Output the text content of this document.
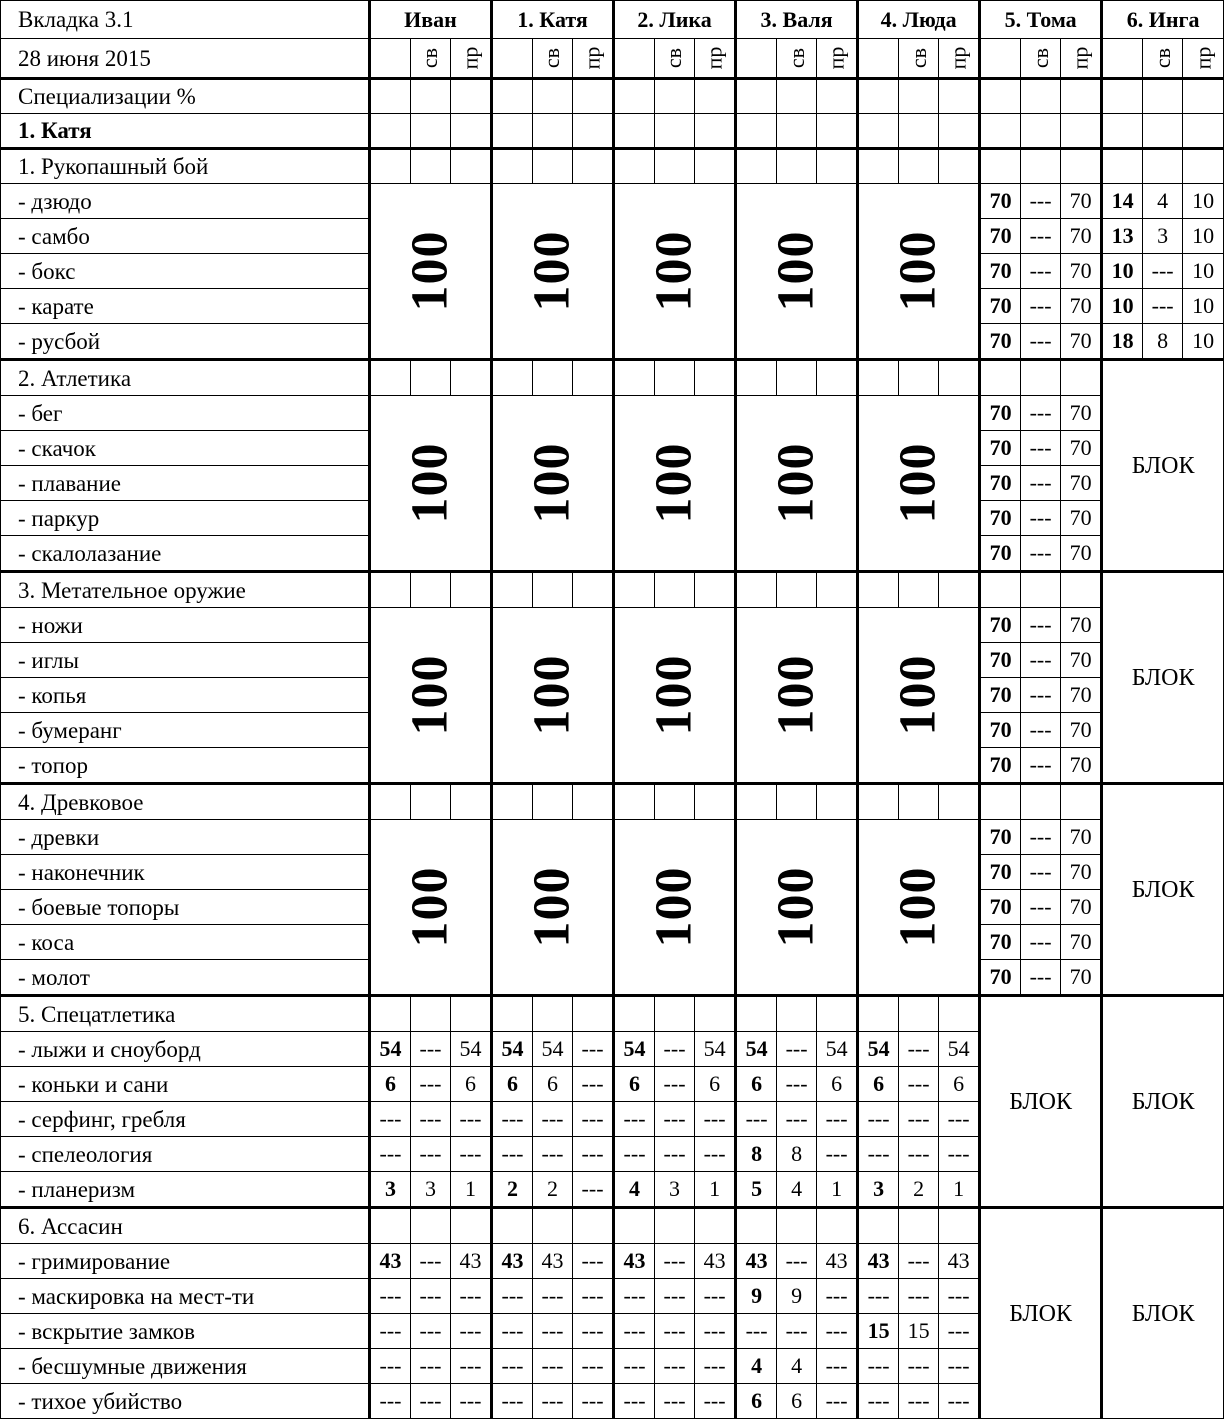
Вкладка 3.1	Иван			1. Катя			2. Лика			3. Валя			4. Люда			5. Тома			6. Инга		
28 июня 2015		св	пр		св	пр		св	пр		св	пр		св	пр		св	пр		св	пр
Специализации %																					
1. Катя																					
1. Рукопашный бой																					
- дзюдо	100			100			100			100			100			70	---	70	14	4	10
- самбо																70	---	70	13	3	10
- бокс																70	---	70	10	---	10
- карате																70	---	70	10	---	10
- русбой																70	---	70	18	8	10
2. Атлетика																			БЛОК		
- бег	100			100			100			100			100			70	---	70			
- скачок																70	---	70			
- плавание																70	---	70			
- паркур																70	---	70			
- скалолазание																70	---	70			
3. Метательное оружие																			БЛОК		
- ножи	100			100			100			100			100			70	---	70			
- иглы																70	---	70			
- копья																70	---	70			
- бумеранг																70	---	70			
- топор																70	---	70			
4. Древковое																			БЛОК		
- древки	100			100			100			100			100			70	---	70			
- наконечник																70	---	70			
- боевые топоры																70	---	70			
- коса																70	---	70			
- молот																70	---	70			
5. Спецатлетика																БЛОК			БЛОК		
- лыжи и сноуборд	54	---	54	54	54	---	54	---	54	54	---	54	54	---	54						
- коньки и сани	6	---	6	6	6	---	6	---	6	6	---	6	6	---	6						
- серфинг, гребля	---	---	---	---	---	---	---	---	---	---	---	---	---	---	---						
- спелеология	---	---	---	---	---	---	---	---	---	8	8	---	---	---	---						
- планеризм	3	3	1	2	2	---	4	3	1	5	4	1	3	2	1						
6. Ассасин																БЛОК			БЛОК		
- гримирование	43	---	43	43	43	---	43	---	43	43	---	43	43	---	43						
- маскировка на мест-ти	---	---	---	---	---	---	---	---	---	9	9	---	---	---	---						
- вскрытие замков	---	---	---	---	---	---	---	---	---	---	---	---	15	15	---						
- бесшумные движения	---	---	---	---	---	---	---	---	---	4	4	---	---	---	---						
- тихое убийство	---	---	---	---	---	---	---	---	---	6	6	---	---	---	---						
